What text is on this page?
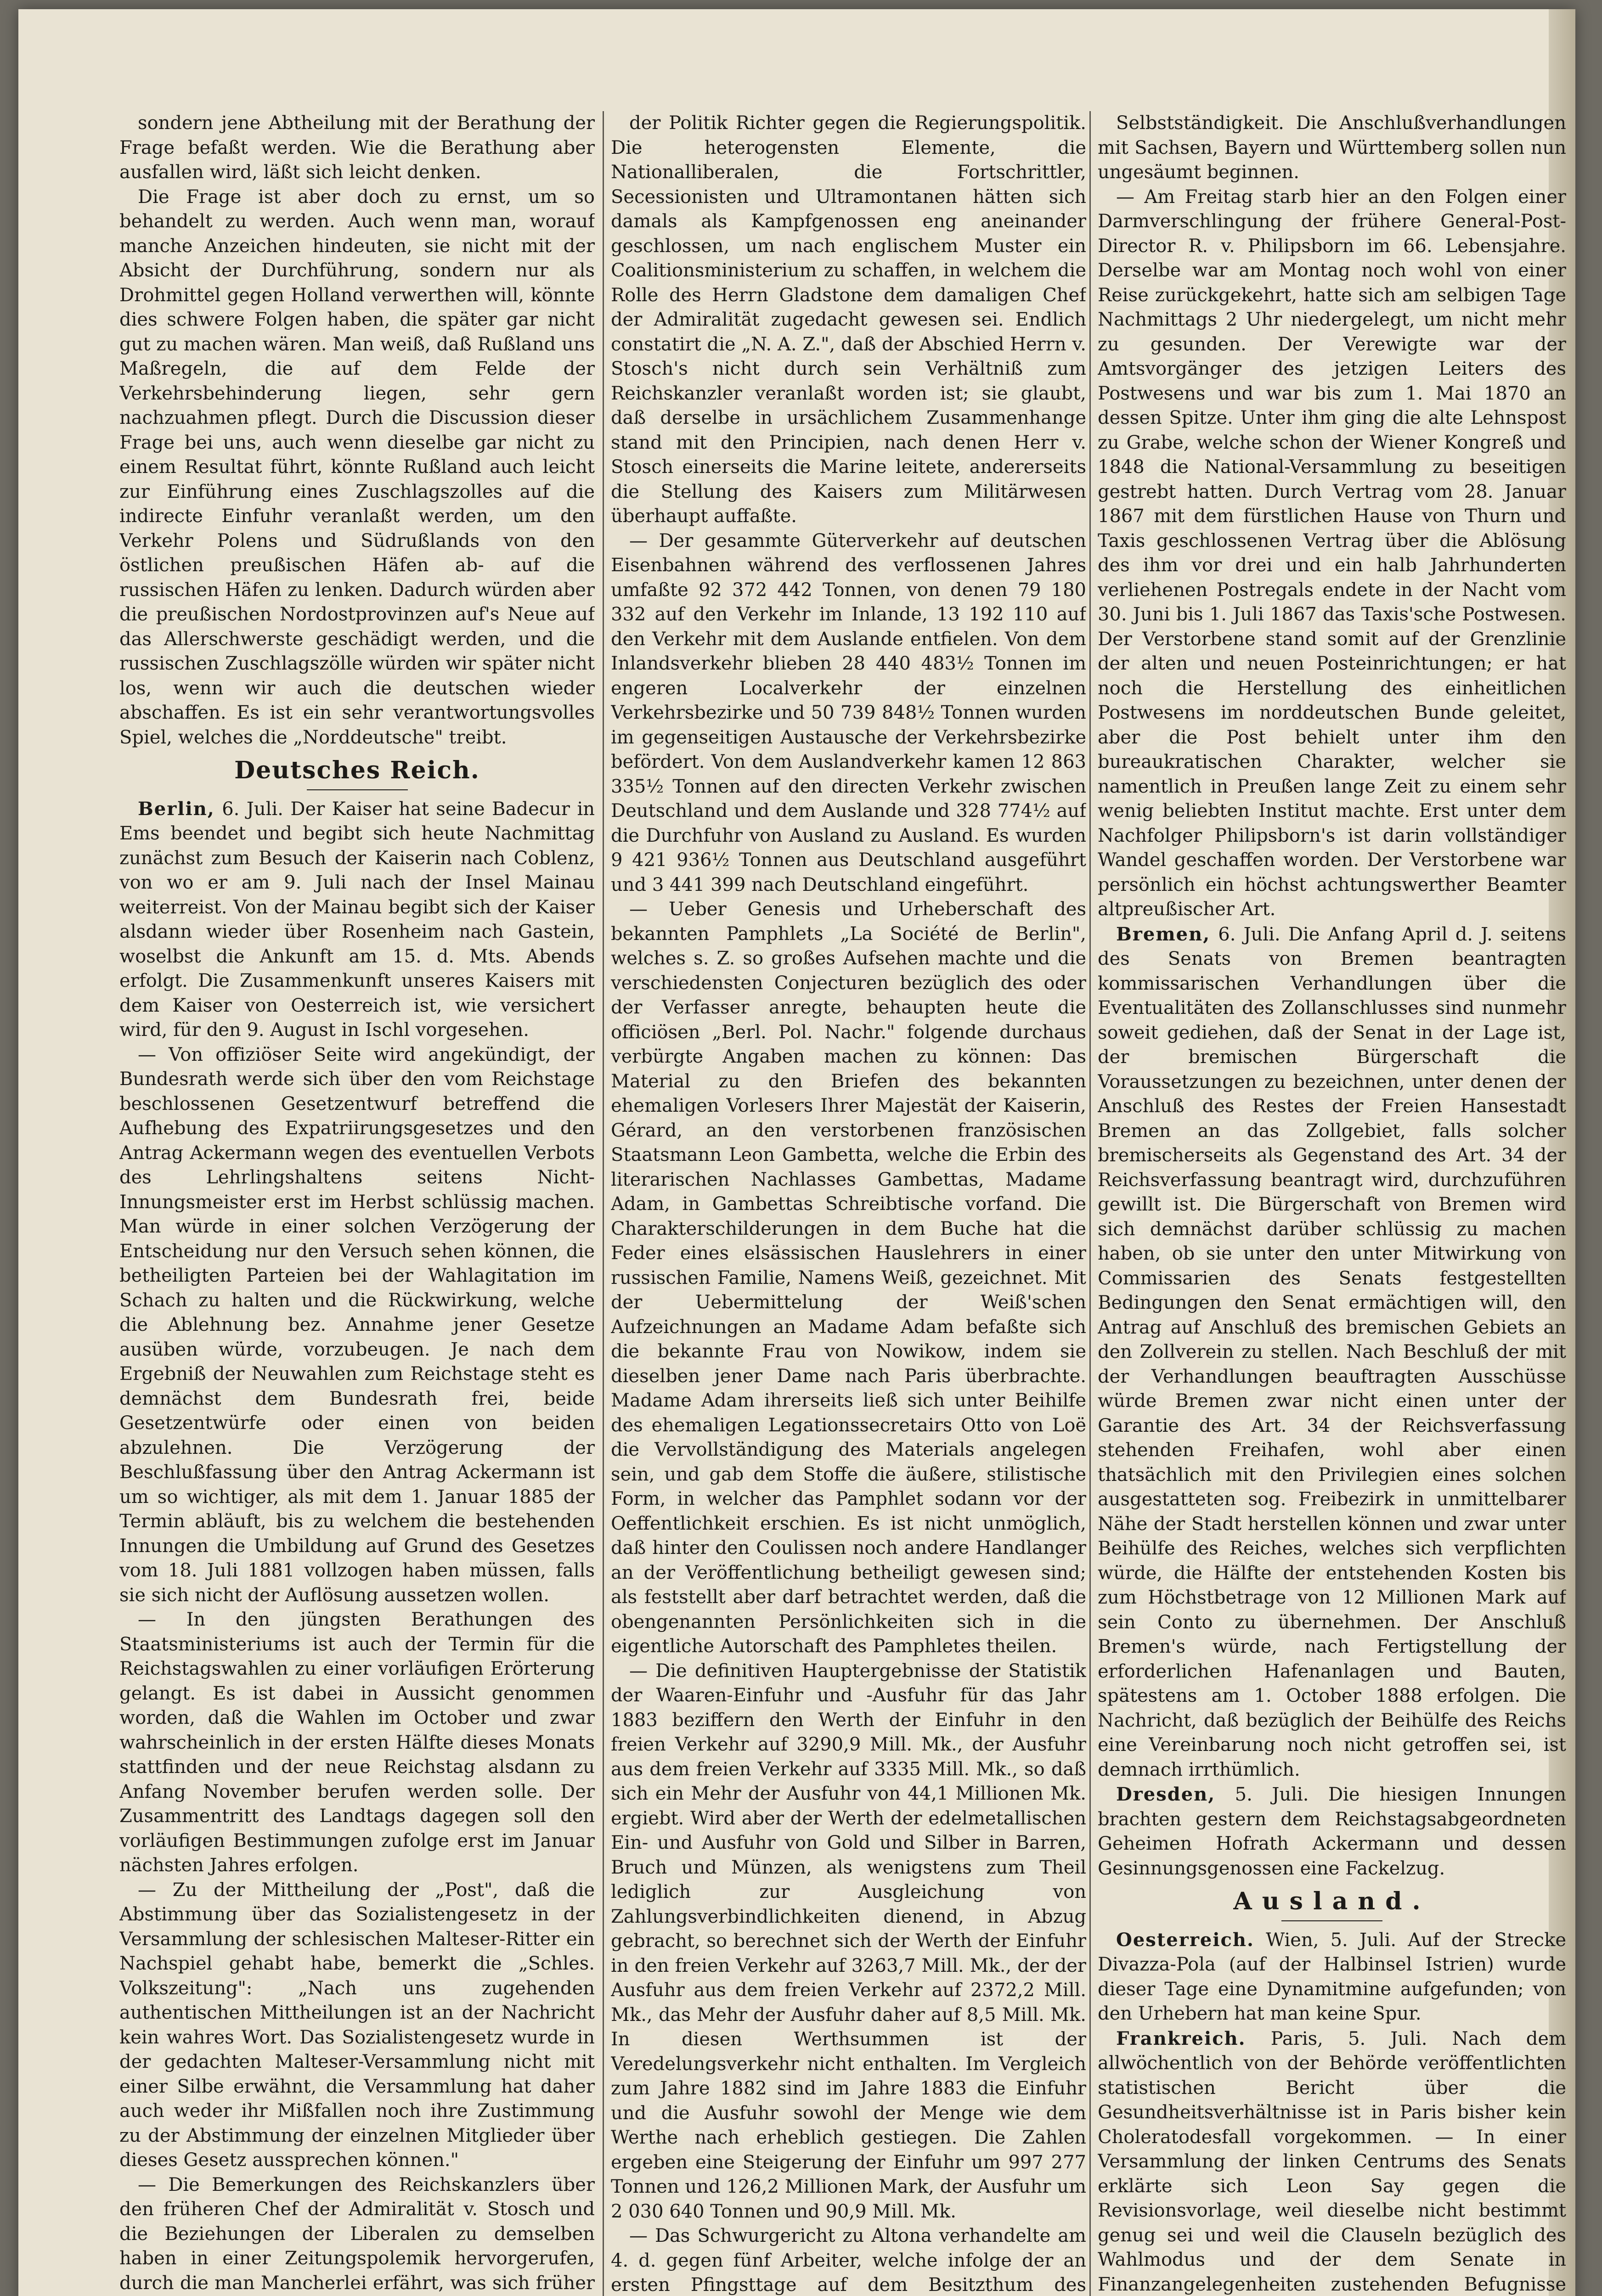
sondern jene Abtheilung mit der Berathung der Frage befaßt werden. Wie die Berathung aber ausfallen wird, läßt sich leicht denken.

Die Frage ist aber doch zu ernst, um so behandelt zu werden. Auch wenn man, worauf manche Anzeichen hindeuten, sie nicht mit der Absicht der Durchführung, sondern nur als Drohmittel gegen Holland verwerthen will, könnte dies schwere Folgen haben, die später gar nicht gut zu machen wären. Man weiß, daß Rußland uns Maßregeln, die auf dem Felde der Verkehrsbehinderung liegen, sehr gern nachzuahmen pflegt. Durch die Discussion dieser Frage bei uns, auch wenn dieselbe gar nicht zu einem Resultat führt, könnte Rußland auch leicht zur Einführung eines Zuschlagszolles auf die indirecte Einfuhr veranlaßt werden, um den Verkehr Polens und Südrußlands von den östlichen preußischen Häfen ab- auf die russischen Häfen zu lenken. Dadurch würden aber die preußischen Nordostprovinzen auf's Neue auf das Allerschwerste geschädigt werden, und die russischen Zuschlagszölle würden wir später nicht los, wenn wir auch die deutschen wieder abschaffen. Es ist ein sehr verantwortungsvolles Spiel, welches die „Norddeutsche" treibt.

Deutsches Reich.

Berlin, 6. Juli. Der Kaiser hat seine Badecur in Ems beendet und begibt sich heute Nachmittag zunächst zum Besuch der Kaiserin nach Coblenz, von wo er am 9. Juli nach der Insel Mainau weiterreist. Von der Mainau begibt sich der Kaiser alsdann wieder über Rosenheim nach Gastein, woselbst die Ankunft am 15. d. Mts. Abends erfolgt. Die Zusammenkunft unseres Kaisers mit dem Kaiser von Oesterreich ist, wie versichert wird, für den 9. August in Ischl vorgesehen.

— Von offiziöser Seite wird angekündigt, der Bundesrath werde sich über den vom Reichstage beschlossenen Gesetzentwurf betreffend die Aufhebung des Expatriirungsgesetzes und den Antrag Ackermann wegen des eventuellen Verbots des Lehrlingshaltens seitens Nicht-Innungsmeister erst im Herbst schlüssig machen. Man würde in einer solchen Verzögerung der Entscheidung nur den Versuch sehen können, die betheiligten Parteien bei der Wahlagitation im Schach zu halten und die Rückwirkung, welche die Ablehnung bez. Annahme jener Gesetze ausüben würde, vorzubeugen. Je nach dem Ergebniß der Neuwahlen zum Reichstage steht es demnächst dem Bundesrath frei, beide Gesetzentwürfe oder einen von beiden abzulehnen. Die Verzögerung der Beschlußfassung über den Antrag Ackermann ist um so wichtiger, als mit dem 1. Januar 1885 der Termin abläuft, bis zu welchem die bestehenden Innungen die Umbildung auf Grund des Gesetzes vom 18. Juli 1881 vollzogen haben müssen, falls sie sich nicht der Auflösung aussetzen wollen.

— In den jüngsten Berathungen des Staatsministeriums ist auch der Termin für die Reichstagswahlen zu einer vorläufigen Erörterung gelangt. Es ist dabei in Aussicht genommen worden, daß die Wahlen im October und zwar wahrscheinlich in der ersten Hälfte dieses Monats stattfinden und der neue Reichstag alsdann zu Anfang November berufen werden solle. Der Zusammentritt des Landtags dagegen soll den vorläufigen Bestimmungen zufolge erst im Januar nächsten Jahres erfolgen.

— Zu der Mittheilung der „Post", daß die Abstimmung über das Sozialistengesetz in der Versammlung der schlesischen Malteser-Ritter ein Nachspiel gehabt habe, bemerkt die „Schles. Volkszeitung": „Nach uns zugehenden authentischen Mittheilungen ist an der Nachricht kein wahres Wort. Das Sozialistengesetz wurde in der gedachten Malteser-Versammlung nicht mit einer Silbe erwähnt, die Versammlung hat daher auch weder ihr Mißfallen noch ihre Zustimmung zu der Abstimmung der einzelnen Mitglieder über dieses Gesetz aussprechen können."

— Die Bemerkungen des Reichskanzlers über den früheren Chef der Admiralität v. Stosch und die Beziehungen der Liberalen zu demselben haben in einer Zeitungspolemik hervorgerufen, durch die man Mancherlei erfährt, was sich früher

der Politik Richter gegen die Regierungspolitik. Die heterogensten Elemente, die Nationalliberalen, die Fortschrittler, Secessionisten und Ultramontanen hätten sich damals als Kampfgenossen eng aneinander geschlossen, um nach englischem Muster ein Coalitionsministerium zu schaffen, in welchem die Rolle des Herrn Gladstone dem damaligen Chef der Admiralität zugedacht gewesen sei. Endlich constatirt die „N. A. Z.", daß der Abschied Herrn v. Stosch's nicht durch sein Verhältniß zum Reichskanzler veranlaßt worden ist; sie glaubt, daß derselbe in ursächlichem Zusammenhange stand mit den Principien, nach denen Herr v. Stosch einerseits die Marine leitete, andererseits die Stellung des Kaisers zum Militärwesen überhaupt auffaßte.

— Der gesammte Güterverkehr auf deutschen Eisenbahnen während des verflossenen Jahres umfaßte 92 372 442 Tonnen, von denen 79 180 332 auf den Verkehr im Inlande, 13 192 110 auf den Verkehr mit dem Auslande entfielen. Von dem Inlandsverkehr blieben 28 440 483½ Tonnen im engeren Localverkehr der einzelnen Verkehrsbezirke und 50 739 848½ Tonnen wurden im gegenseitigen Austausche der Verkehrsbezirke befördert. Von dem Auslandverkehr kamen 12 863 335½ Tonnen auf den directen Verkehr zwischen Deutschland und dem Auslande und 328 774½ auf die Durchfuhr von Ausland zu Ausland. Es wurden 9 421 936½ Tonnen aus Deutschland ausgeführt und 3 441 399 nach Deutschland eingeführt.

— Ueber Genesis und Urheberschaft des bekannten Pamphlets „La Société de Berlin", welches s. Z. so großes Aufsehen machte und die verschiedensten Conjecturen bezüglich des oder der Verfasser anregte, behaupten heute die officiösen „Berl. Pol. Nachr." folgende durchaus verbürgte Angaben machen zu können: Das Material zu den Briefen des bekannten ehemaligen Vorlesers Ihrer Majestät der Kaiserin, Gérard, an den verstorbenen französischen Staatsmann Leon Gambetta, welche die Erbin des literarischen Nachlasses Gambettas, Madame Adam, in Gambettas Schreibtische vorfand. Die Charakterschilderungen in dem Buche hat die Feder eines elsässischen Hauslehrers in einer russischen Familie, Namens Weiß, gezeichnet. Mit der Uebermittelung der Weiß'schen Aufzeichnungen an Madame Adam befaßte sich die bekannte Frau von Nowikow, indem sie dieselben jener Dame nach Paris überbrachte. Madame Adam ihrerseits ließ sich unter Beihilfe des ehemaligen Legationssecretairs Otto von Loë die Vervollständigung des Materials angelegen sein, und gab dem Stoffe die äußere, stilistische Form, in welcher das Pamphlet sodann vor der Oeffentlichkeit erschien. Es ist nicht unmöglich, daß hinter den Coulissen noch andere Handlanger an der Veröffentlichung betheiligt gewesen sind; als feststellt aber darf betrachtet werden, daß die obengenannten Persönlichkeiten sich in die eigentliche Autorschaft des Pamphletes theilen.

— Die definitiven Hauptergebnisse der Statistik der Waaren-Einfuhr und -Ausfuhr für das Jahr 1883 beziffern den Werth der Einfuhr in den freien Verkehr auf 3290,9 Mill. Mk., der Ausfuhr aus dem freien Verkehr auf 3335 Mill. Mk., so daß sich ein Mehr der Ausfuhr von 44,1 Millionen Mk. ergiebt. Wird aber der Werth der edelmetallischen Ein- und Ausfuhr von Gold und Silber in Barren, Bruch und Münzen, als wenigstens zum Theil lediglich zur Ausgleichung von Zahlungsverbindlichkeiten dienend, in Abzug gebracht, so berechnet sich der Werth der Einfuhr in den freien Verkehr auf 3263,7 Mill. Mk., der der Ausfuhr aus dem freien Verkehr auf 2372,2 Mill. Mk., das Mehr der Ausfuhr daher auf 8,5 Mill. Mk. In diesen Werthsummen ist der Veredelungsverkehr nicht enthalten. Im Vergleich zum Jahre 1882 sind im Jahre 1883 die Einfuhr und die Ausfuhr sowohl der Menge wie dem Werthe nach erheblich gestiegen. Die Zahlen ergeben eine Steigerung der Einfuhr um 997 277 Tonnen und 126,2 Millionen Mark, der Ausfuhr um 2 030 640 Tonnen und 90,9 Mill. Mk.

— Das Schwurgericht zu Altona verhandelte am 4. d. gegen fünf Arbeiter, welche infolge der an ersten Pfingsttage auf dem Besitzthum des

Selbstständigkeit. Die Anschlußverhandlungen mit Sachsen, Bayern und Württemberg sollen nun ungesäumt beginnen.

— Am Freitag starb hier an den Folgen einer Darmverschlingung der frühere General-Post-Director R. v. Philipsborn im 66. Lebensjahre. Derselbe war am Montag noch wohl von einer Reise zurückgekehrt, hatte sich am selbigen Tage Nachmittags 2 Uhr niedergelegt, um nicht mehr zu gesunden. Der Verewigte war der Amtsvorgänger des jetzigen Leiters des Postwesens und war bis zum 1. Mai 1870 an dessen Spitze. Unter ihm ging die alte Lehnspost zu Grabe, welche schon der Wiener Kongreß und 1848 die National-Versammlung zu beseitigen gestrebt hatten. Durch Vertrag vom 28. Januar 1867 mit dem fürstlichen Hause von Thurn und Taxis geschlossenen Vertrag über die Ablösung des ihm vor drei und ein halb Jahrhunderten verliehenen Postregals endete in der Nacht vom 30. Juni bis 1. Juli 1867 das Taxis'sche Postwesen. Der Verstorbene stand somit auf der Grenzlinie der alten und neuen Posteinrichtungen; er hat noch die Herstellung des einheitlichen Postwesens im norddeutschen Bunde geleitet, aber die Post behielt unter ihm den bureaukratischen Charakter, welcher sie namentlich in Preußen lange Zeit zu einem sehr wenig beliebten Institut machte. Erst unter dem Nachfolger Philipsborn's ist darin vollständiger Wandel geschaffen worden. Der Verstorbene war persönlich ein höchst achtungswerther Beamter altpreußischer Art.

Bremen, 6. Juli. Die Anfang April d. J. seitens des Senats von Bremen beantragten kommissarischen Verhandlungen über die Eventualitäten des Zollanschlusses sind nunmehr soweit gediehen, daß der Senat in der Lage ist, der bremischen Bürgerschaft die Voraussetzungen zu bezeichnen, unter denen der Anschluß des Restes der Freien Hansestadt Bremen an das Zollgebiet, falls solcher bremischerseits als Gegenstand des Art. 34 der Reichsverfassung beantragt wird, durchzuführen gewillt ist. Die Bürgerschaft von Bremen wird sich demnächst darüber schlüssig zu machen haben, ob sie unter den unter Mitwirkung von Commissarien des Senats festgestellten Bedingungen den Senat ermächtigen will, den Antrag auf Anschluß des bremischen Gebiets an den Zollverein zu stellen. Nach Beschluß der mit der Verhandlungen beauftragten Ausschüsse würde Bremen zwar nicht einen unter der Garantie des Art. 34 der Reichsverfassung stehenden Freihafen, wohl aber einen thatsächlich mit den Privilegien eines solchen ausgestatteten sog. Freibezirk in unmittelbarer Nähe der Stadt herstellen können und zwar unter Beihülfe des Reiches, welches sich verpflichten würde, die Hälfte der entstehenden Kosten bis zum Höchstbetrage von 12 Millionen Mark auf sein Conto zu übernehmen. Der Anschluß Bremen's würde, nach Fertigstellung der erforderlichen Hafenanlagen und Bauten, spätestens am 1. October 1888 erfolgen. Die Nachricht, daß bezüglich der Beihülfe des Reichs eine Vereinbarung noch nicht getroffen sei, ist demnach irrthümlich.

Dresden, 5. Juli. Die hiesigen Innungen brachten gestern dem Reichstagsabgeordneten Geheimen Hofrath Ackermann und dessen Gesinnungsgenossen eine Fackelzug.

Ausland.

Oesterreich. Wien, 5. Juli. Auf der Strecke Divazza-Pola (auf der Halbinsel Istrien) wurde dieser Tage eine Dynamitmine aufgefunden; von den Urhebern hat man keine Spur.

Frankreich. Paris, 5. Juli. Nach dem allwöchentlich von der Behörde veröffentlichten statistischen Bericht über die Gesundheitsverhältnisse ist in Paris bisher kein Choleratodesfall vorgekommen. — In einer Versammlung der linken Centrums des Senats erklärte sich Leon Say gegen die Revisionsvorlage, weil dieselbe nicht bestimmt genug sei und weil die Clauseln bezüglich des Wahlmodus und der dem Senate in Finanzangelegenheiten zustehenden Befugnisse
